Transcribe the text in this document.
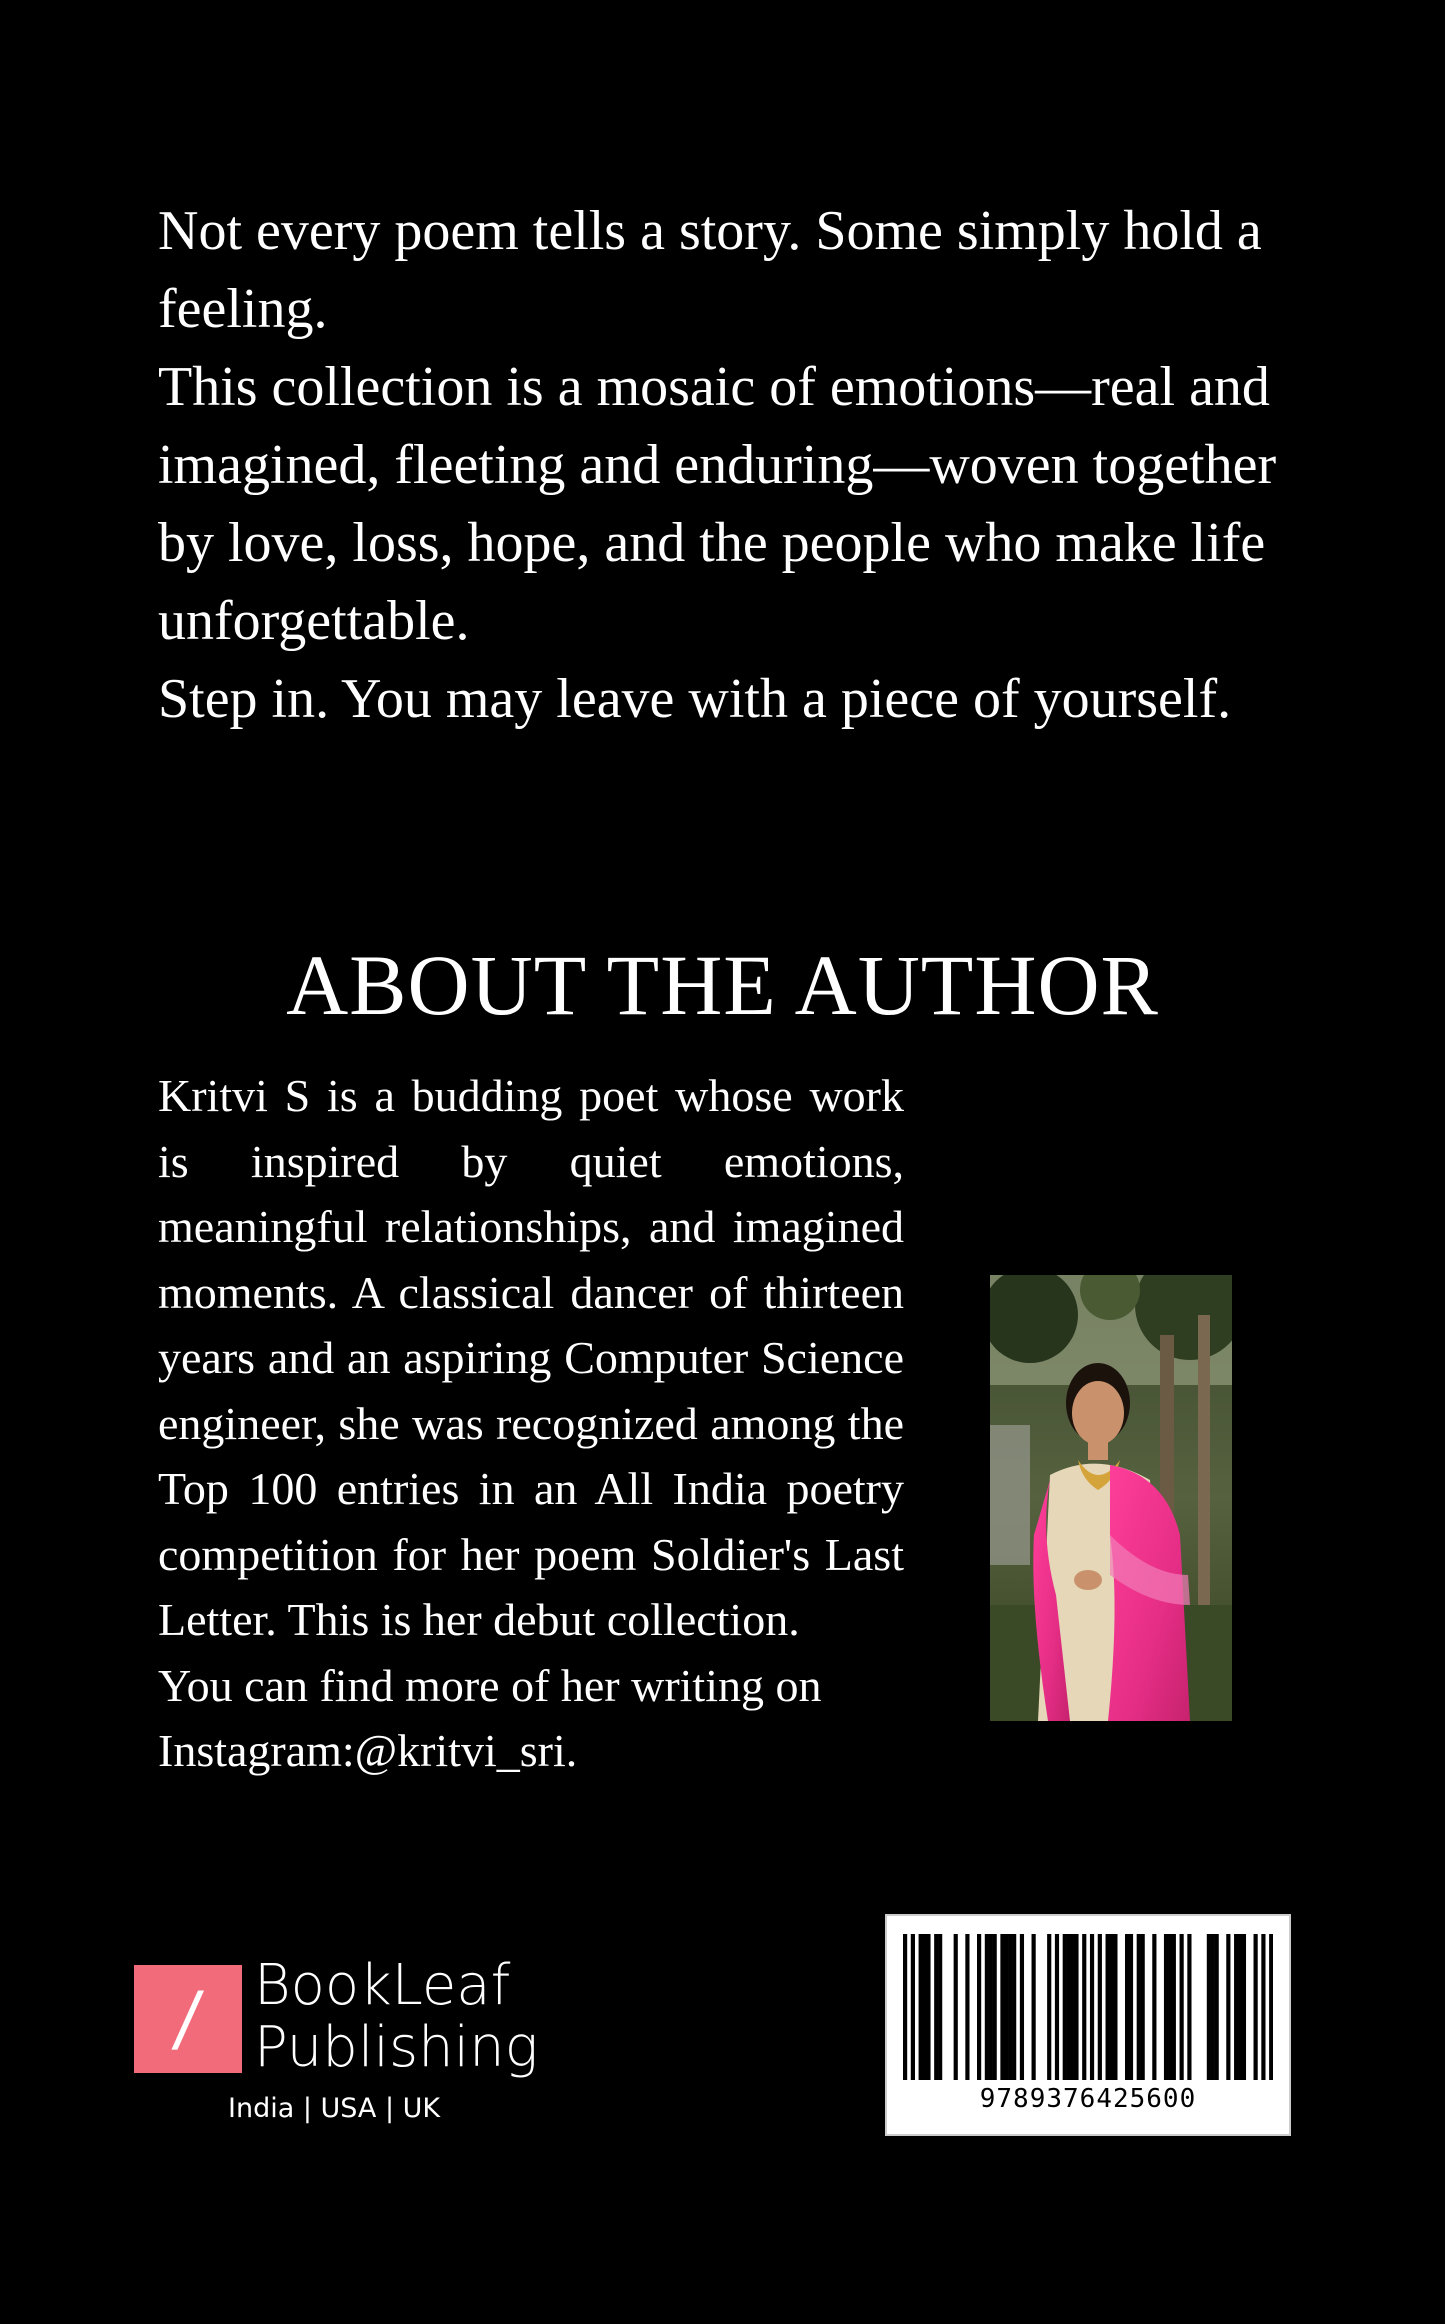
Not every poem tells a story. Some simply hold a feeling.

This collection is a mosaic of emotions—real and imagined, fleeting and enduring—woven together by love, loss, hope, and the people who make life unforgettable.

Step in. You may leave with a piece of yourself.

ABOUT THE AUTHOR

Kritvi S is a budding poet whose work is inspired by quiet emotions, meaningful relationships, and imagined moments. A classical dancer of thirteen years and an aspiring Computer Science engineer, she was recognized among the Top 100 entries in an All India poetry competition for her poem Soldier's Last Letter. This is her debut collection.

You can find more of her writing on Instagram:@kritvi_sri.

/ BookLeaf
Publishing
India | USA | UK	9789376425600
